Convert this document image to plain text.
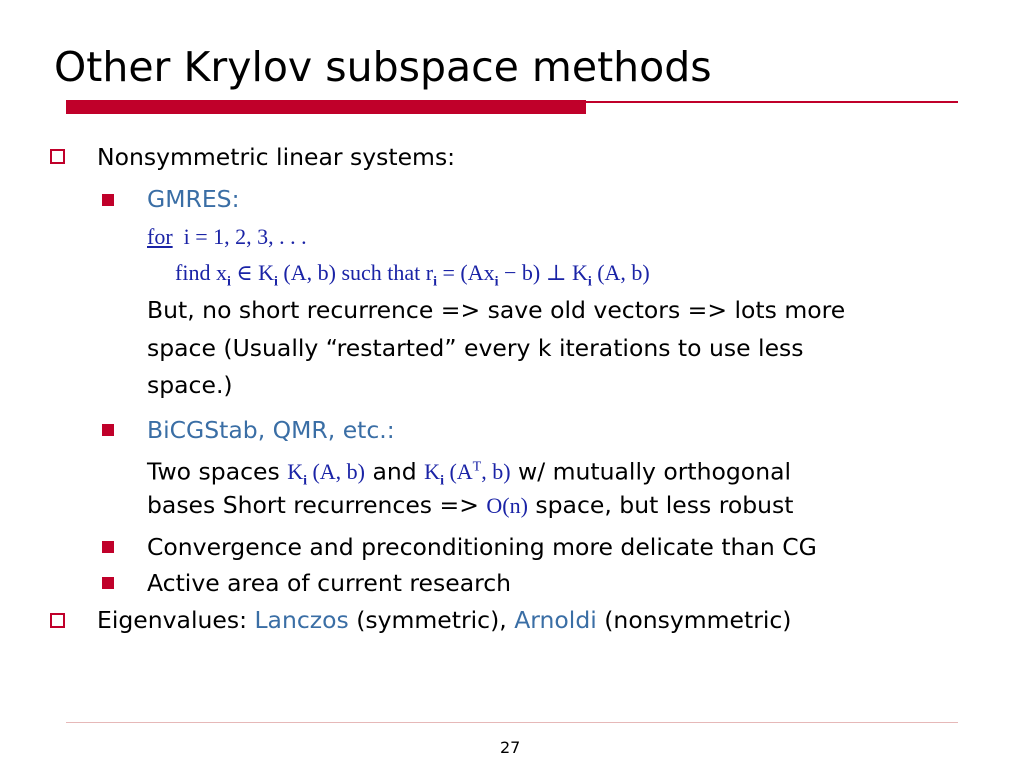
Other Krylov subspace methods
Nonsymmetric linear systems:
GMRES:
for i = 1, 2, 3, . . .
find $x_i$ ∈ $K_i$ (A, b) such that $r_i = (Ax_i - b)$ ⊥ $K_i$ (A, b)
But, no short recurrence => save old vectors => lots more
space (Usually “restarted” every k iterations to use less
space.)
BiCGStab, QMR, etc.:
Two spaces $K_i$ (A, b) and $K_i$ ($A^T$, b) w/ mutually orthogonal
bases Short recurrences => O(n) space, but less robust
Convergence and preconditioning more delicate than CG
Active area of current research
Eigenvalues: Lanczos (symmetric), Arnoldi (nonsymmetric)
27
